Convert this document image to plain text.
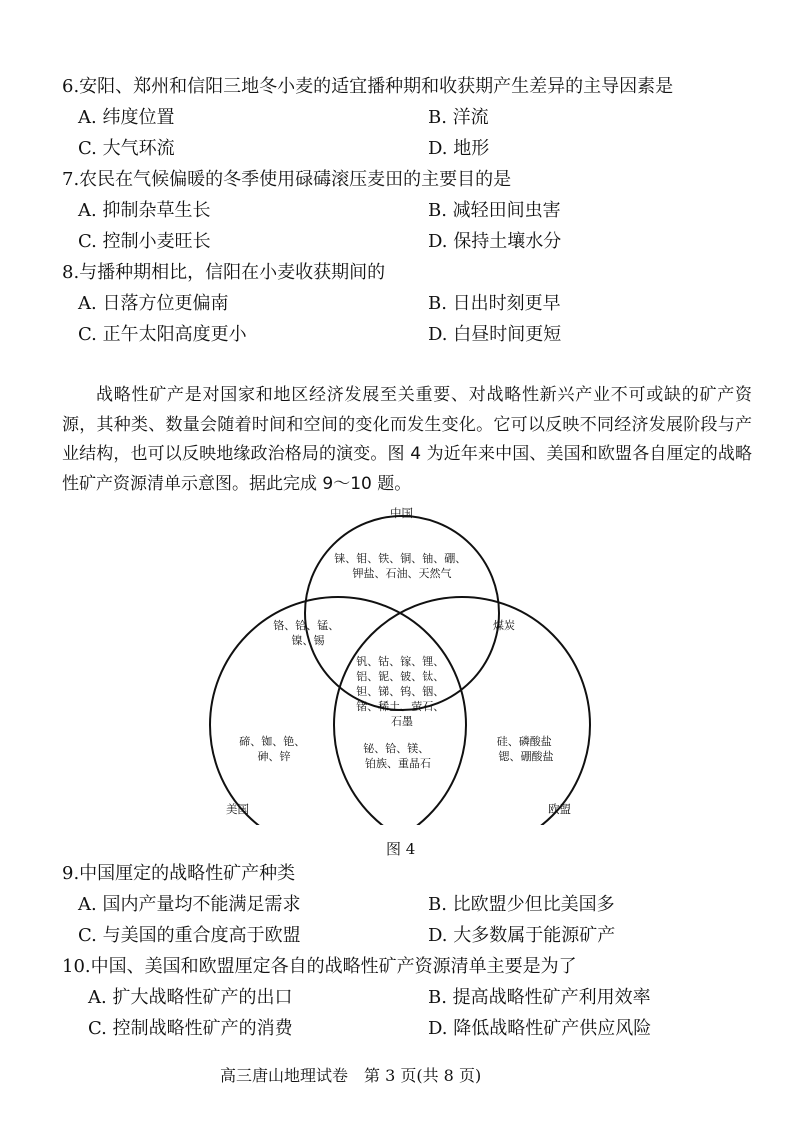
6.安阳、郑州和信阳三地冬小麦的适宜播种期和收获期产生差异的主导因素是
A. 纬度位置	B. 洋流
C. 大气环流	D. 地形
7.农民在气候偏暖的冬季使用碌碡滚压麦田的主要目的是
A. 抑制杂草生长	B. 减轻田间虫害
C. 控制小麦旺长	D. 保持土壤水分
8.与播种期相比，信阳在小麦收获期间的
A. 日落方位更偏南	B. 日出时刻更早
C. 正午太阳高度更小	D. 白昼时间更短

战略性矿产是对国家和地区经济发展至关重要、对战略性新兴产业不可或缺的矿产资源，其种类、数量会随着时间和空间的变化而发生变化。它可以反映不同经济发展阶段与产业结构，也可以反映地缘政治格局的演变。图 4 为近年来中国、美国和欧盟各自厘定的战略性矿产资源清单示意图。据此完成 9～10 题。

中国
美国	欧盟
铼、钼、铁、铜、铀、硼、 钾盐、石油、天然气
铬、铪、锰、 镍、锡
煤炭
钒、钴、镓、锂、 铝、铌、铍、钛、 钽、锑、钨、铟、 锗、稀土、萤石、 石墨
碲、铷、铯、 砷、锌
铋、铪、镁、 铂族、重晶石
硅、磷酸盐 锶、硼酸盐
图 4
9.中国厘定的战略性矿产种类
A. 国内产量均不能满足需求	B. 比欧盟少但比美国多
C. 与美国的重合度高于欧盟	D. 大多数属于能源矿产
10.中国、美国和欧盟厘定各自的战略性矿产资源清单主要是为了
A. 扩大战略性矿产的出口	B. 提高战略性矿产利用效率
C. 控制战略性矿产的消费	D. 降低战略性矿产供应风险
高三唐山地理试卷　第 3 页(共 8 页)
